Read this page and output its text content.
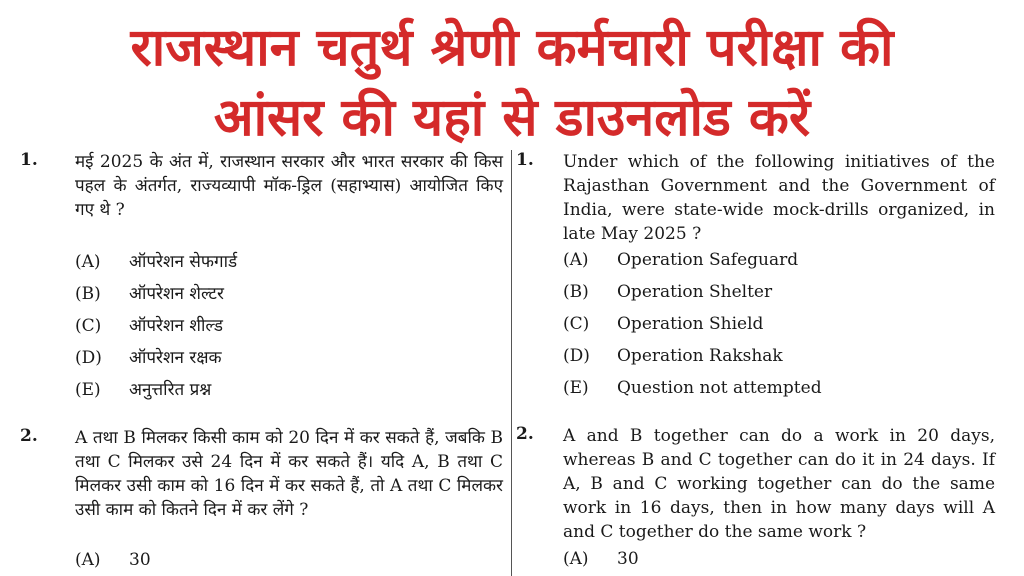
राजस्थान चतुर्थ श्रेणी कर्मचारी परीक्षा की
आंसर की यहां से डाउनलोड करें
1. मई 2025 के अंत में, राजस्थान सरकार और भारत सरकार की किस पहल के अंतर्गत, राज्यव्यापी मॉक-ड्रिल (सहाभ्यास) आयोजित किए गए थे ?
(A) ऑपरेशन सेफगार्ड
(B) ऑपरेशन शेल्टर
(C) ऑपरेशन शील्ड
(D) ऑपरेशन रक्षक
(E) अनुत्तरित प्रश्न
2. A तथा B मिलकर किसी काम को 20 दिन में कर सकते हैं, जबकि B तथा C मिलकर उसे 24 दिन में कर सकते हैं। यदि A, B तथा C मिलकर उसी काम को 16 दिन में कर सकते हैं, तो A तथा C मिलकर उसी काम को कितने दिन में कर लेंगे ?
(A) 30
1. Under which of the following initiatives of the Rajasthan Government and the Government of India, were state-wide mock-drills organized, in late May 2025 ?
(A) Operation Safeguard
(B) Operation Shelter
(C) Operation Shield
(D) Operation Rakshak
(E) Question not attempted
2. A and B together can do a work in 20 days, whereas B and C together can do it in 24 days. If A, B and C working together can do the same work in 16 days, then in how many days will A and C together do the same work ?
(A) 30
